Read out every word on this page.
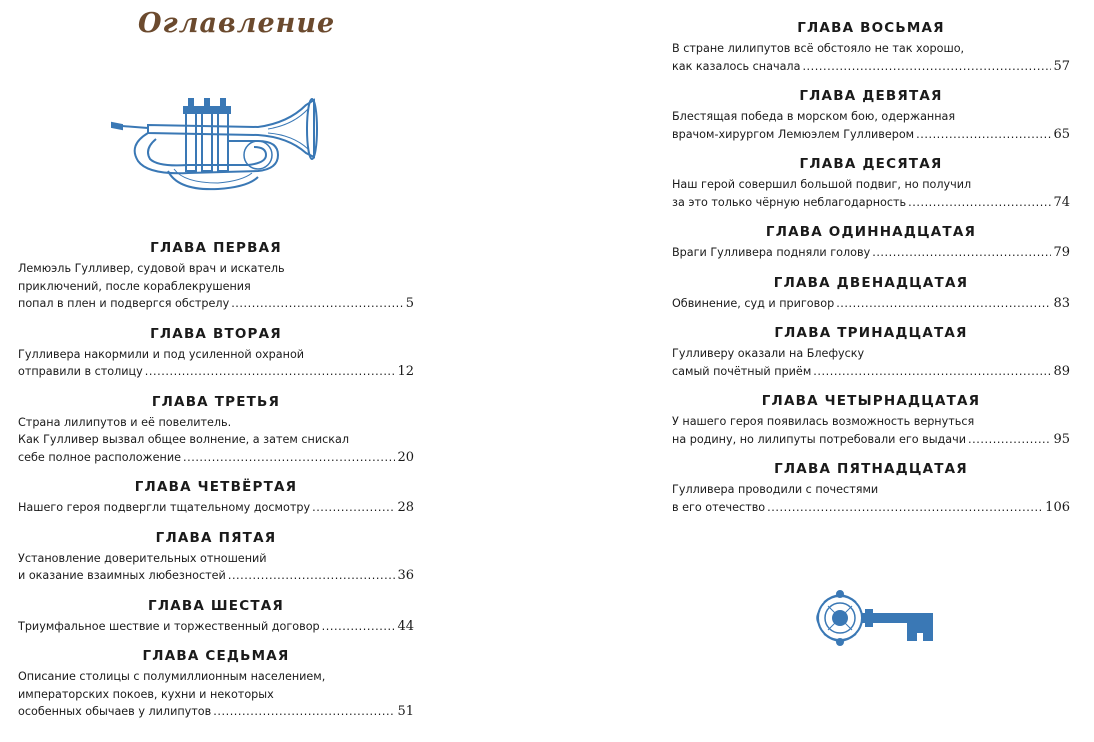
Оглавление
ГЛАВА ПЕРВАЯ
Лемюэль Гулливер, судовой врач и искатель
приключений, после кораблекрушения
попал в плен и подвергся обстрелу . . .	5
ГЛАВА ВТОРАЯ
Гулливера накормили и под усиленной охраной
отправили в столицу . . .	12
ГЛАВА ТРЕТЬЯ
Страна лилипутов и её повелитель.
Как Гулливер вызвал общее волнение, а затем снискал
себе полное расположение . . .	20
ГЛАВА ЧЕТВЁРТАЯ
Нашего героя подвергли тщательному досмотру . . .	28
ГЛАВА ПЯТАЯ
Установление доверительных отношений
и оказание взаимных любезностей . . .	36
ГЛАВА ШЕСТАЯ
Триумфальное шествие и торжественный договор . . .	44
ГЛАВА СЕДЬМАЯ
Описание столицы с полумиллионным населением,
императорских покоев, кухни и некоторых
особенных обычаев у лилипутов . . .	51
ГЛАВА ВОСЬМАЯ
В стране лилипутов всё обстояло не так хорошо,
как казалось сначала . . .	57
ГЛАВА ДЕВЯТАЯ
Блестящая победа в морском бою, одержанная
врачом-хирургом Лемюэлем Гулливером . . .	65
ГЛАВА ДЕСЯТАЯ
Наш герой совершил большой подвиг, но получил
за это только чёрную неблагодарность . . .	74
ГЛАВА ОДИННАДЦАТАЯ
Враги Гулливера подняли голову . . .	79
ГЛАВА ДВЕНАДЦАТАЯ
Обвинение, суд и приговор . . .	83
ГЛАВА ТРИНАДЦАТАЯ
Гулливеру оказали на Блефуску
самый почётный приём . . .	89
ГЛАВА ЧЕТЫРНАДЦАТАЯ
У нашего героя появилась возможность вернуться
на родину, но лилипуты потребовали его выдачи . . .	95
ГЛАВА ПЯТНАДЦАТАЯ
Гулливера проводили с почестями
в его отечество . . .	106
